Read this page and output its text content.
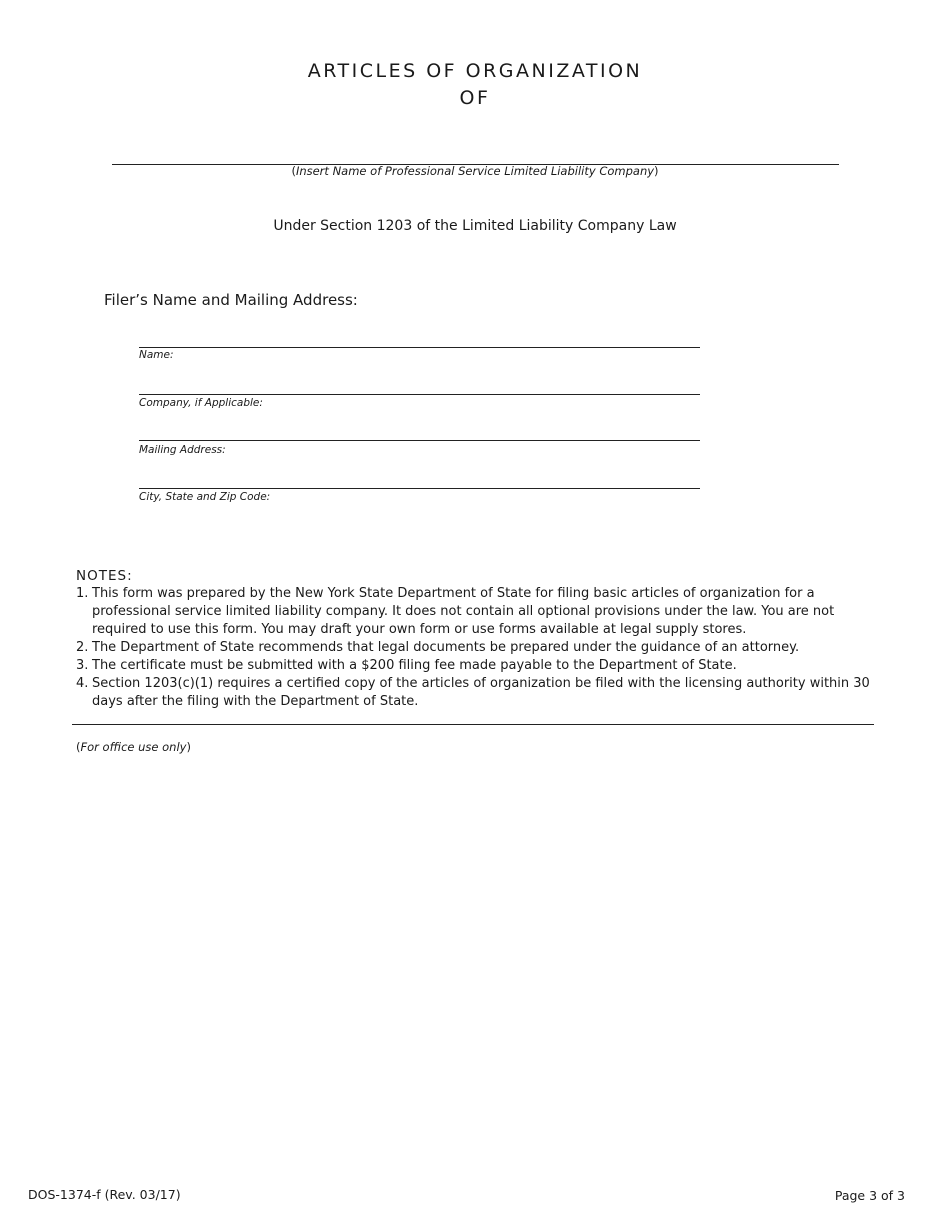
ARTICLES OF ORGANIZATION
OF
(Insert Name of Professional Service Limited Liability Company)
Under Section 1203 of the Limited Liability Company Law
Filer’s Name and Mailing Address:
Name:
Company, if Applicable:
Mailing Address:
City, State and Zip Code:
NOTES:
1. This form was prepared by the New York State Department of State for filing basic articles of organization for a professional service limited liability company. It does not contain all optional provisions under the law. You are not required to use this form. You may draft your own form or use forms available at legal supply stores.
2. The Department of State recommends that legal documents be prepared under the guidance of an attorney.
3. The certificate must be submitted with a $200 filing fee made payable to the Department of State.
4. Section 1203(c)(1) requires a certified copy of the articles of organization be filed with the licensing authority within 30 days after the filing with the Department of State.
(For office use only)
DOS-1374-f (Rev. 03/17)	Page 3 of 3
